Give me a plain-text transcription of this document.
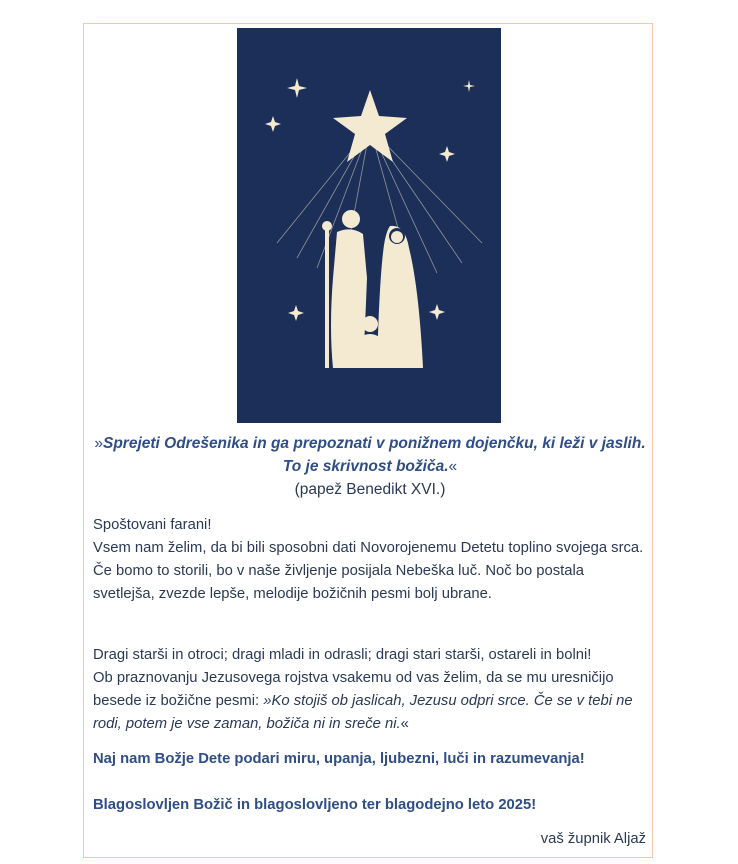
»Sprejeti Odrešenika in ga prepoznati v ponižnem dojenčku, ki leži v jaslih.
To je skrivnost božiča.«
(papež Benedikt XVI.)

Spoštovani farani!

Vsem nam želim, da bi bili sposobni dati Novorojenemu Detetu toplino svojega srca.

Če bomo to storili, bo v naše življenje posijala Nebeška luč. Noč bo postala svetlejša, zvezde lepše, melodije božičnih pesmi bolj ubrane.

Dragi starši in otroci; dragi mladi in odrasli; dragi stari starši, ostareli in bolni!

Ob praznovanju Jezusovega rojstva vsakemu od vas želim, da se mu uresničijo besede iz božične pesmi: »Ko stojiš ob jaslicah, Jezusu odpri srce. Če se v tebi ne rodi, potem je vse zaman, božiča ni in sreče ni.«

Naj nam Božje Dete podari miru, upanja, ljubezni, luči in razumevanja!
Blagoslovljen Božič in blagoslovljeno ter blagodejno leto 2025!
vaš župnik Aljaž
